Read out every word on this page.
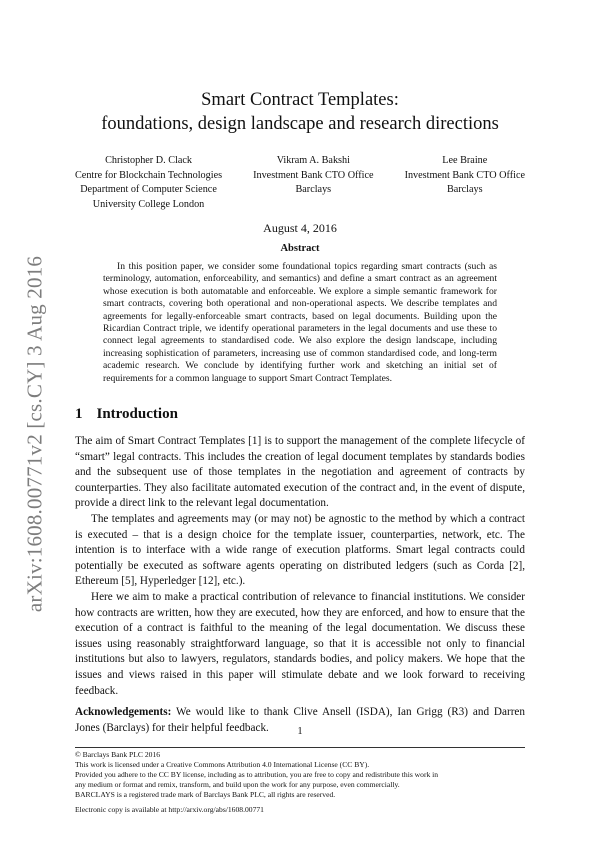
arXiv:1608.00771v2 [cs.CY] 3 Aug 2016
Smart Contract Templates:
foundations, design landscape and research directions
Christopher D. Clack
Centre for Blockchain Technologies
Department of Computer Science
University College London
Vikram A. Bakshi
Investment Bank CTO Office
Barclays
Lee Braine
Investment Bank CTO Office
Barclays
August 4, 2016
Abstract

In this position paper, we consider some foundational topics regarding smart contracts (such as terminology, automation, enforceability, and semantics) and define a smart contract as an agreement whose execution is both automatable and enforceable. We explore a simple semantic framework for smart contracts, covering both operational and non-operational aspects. We describe templates and agreements for legally-enforceable smart contracts, based on legal documents. Building upon the Ricardian Contract triple, we identify operational parameters in the legal documents and use these to connect legal agreements to standardised code. We also explore the design landscape, including increasing sophistication of parameters, increasing use of common standardised code, and long-term academic research. We conclude by identifying further work and sketching an initial set of requirements for a common language to support Smart Contract Templates.

1 Introduction

The aim of Smart Contract Templates [1] is to support the management of the complete lifecycle of “smart” legal contracts. This includes the creation of legal document templates by standards bodies and the subsequent use of those templates in the negotiation and agreement of contracts by counterparties. They also facilitate automated execution of the contract and, in the event of dispute, provide a direct link to the relevant legal documentation.

The templates and agreements may (or may not) be agnostic to the method by which a contract is executed – that is a design choice for the template issuer, counterparties, network, etc. The intention is to interface with a wide range of execution platforms. Smart legal contracts could potentially be executed as software agents operating on distributed ledgers (such as Corda [2], Ethereum [5], Hyperledger [12], etc.).

Here we aim to make a practical contribution of relevance to financial institutions. We consider how contracts are written, how they are executed, how they are enforced, and how to ensure that the execution of a contract is faithful to the meaning of the legal documentation. We discuss these issues using reasonably straightforward language, so that it is accessible not only to financial institutions but also to lawyers, regulators, standards bodies, and policy makers. We hope that the issues and views raised in this paper will stimulate debate and we look forward to receiving feedback.

Acknowledgements: We would like to thank Clive Ansell (ISDA), Ian Grigg (R3) and Darren Jones (Barclays) for their helpful feedback.	1
© Barclays Bank PLC 2016
This work is licensed under a Creative Commons Attribution 4.0 International License (CC BY).
Provided you adhere to the CC BY license, including as to attribution, you are free to copy and redistribute this work in
any medium or format and remix, transform, and build upon the work for any purpose, even commercially.
BARCLAYS is a registered trade mark of Barclays Bank PLC, all rights are reserved.
Electronic copy is available at http://arxiv.org/abs/1608.00771
